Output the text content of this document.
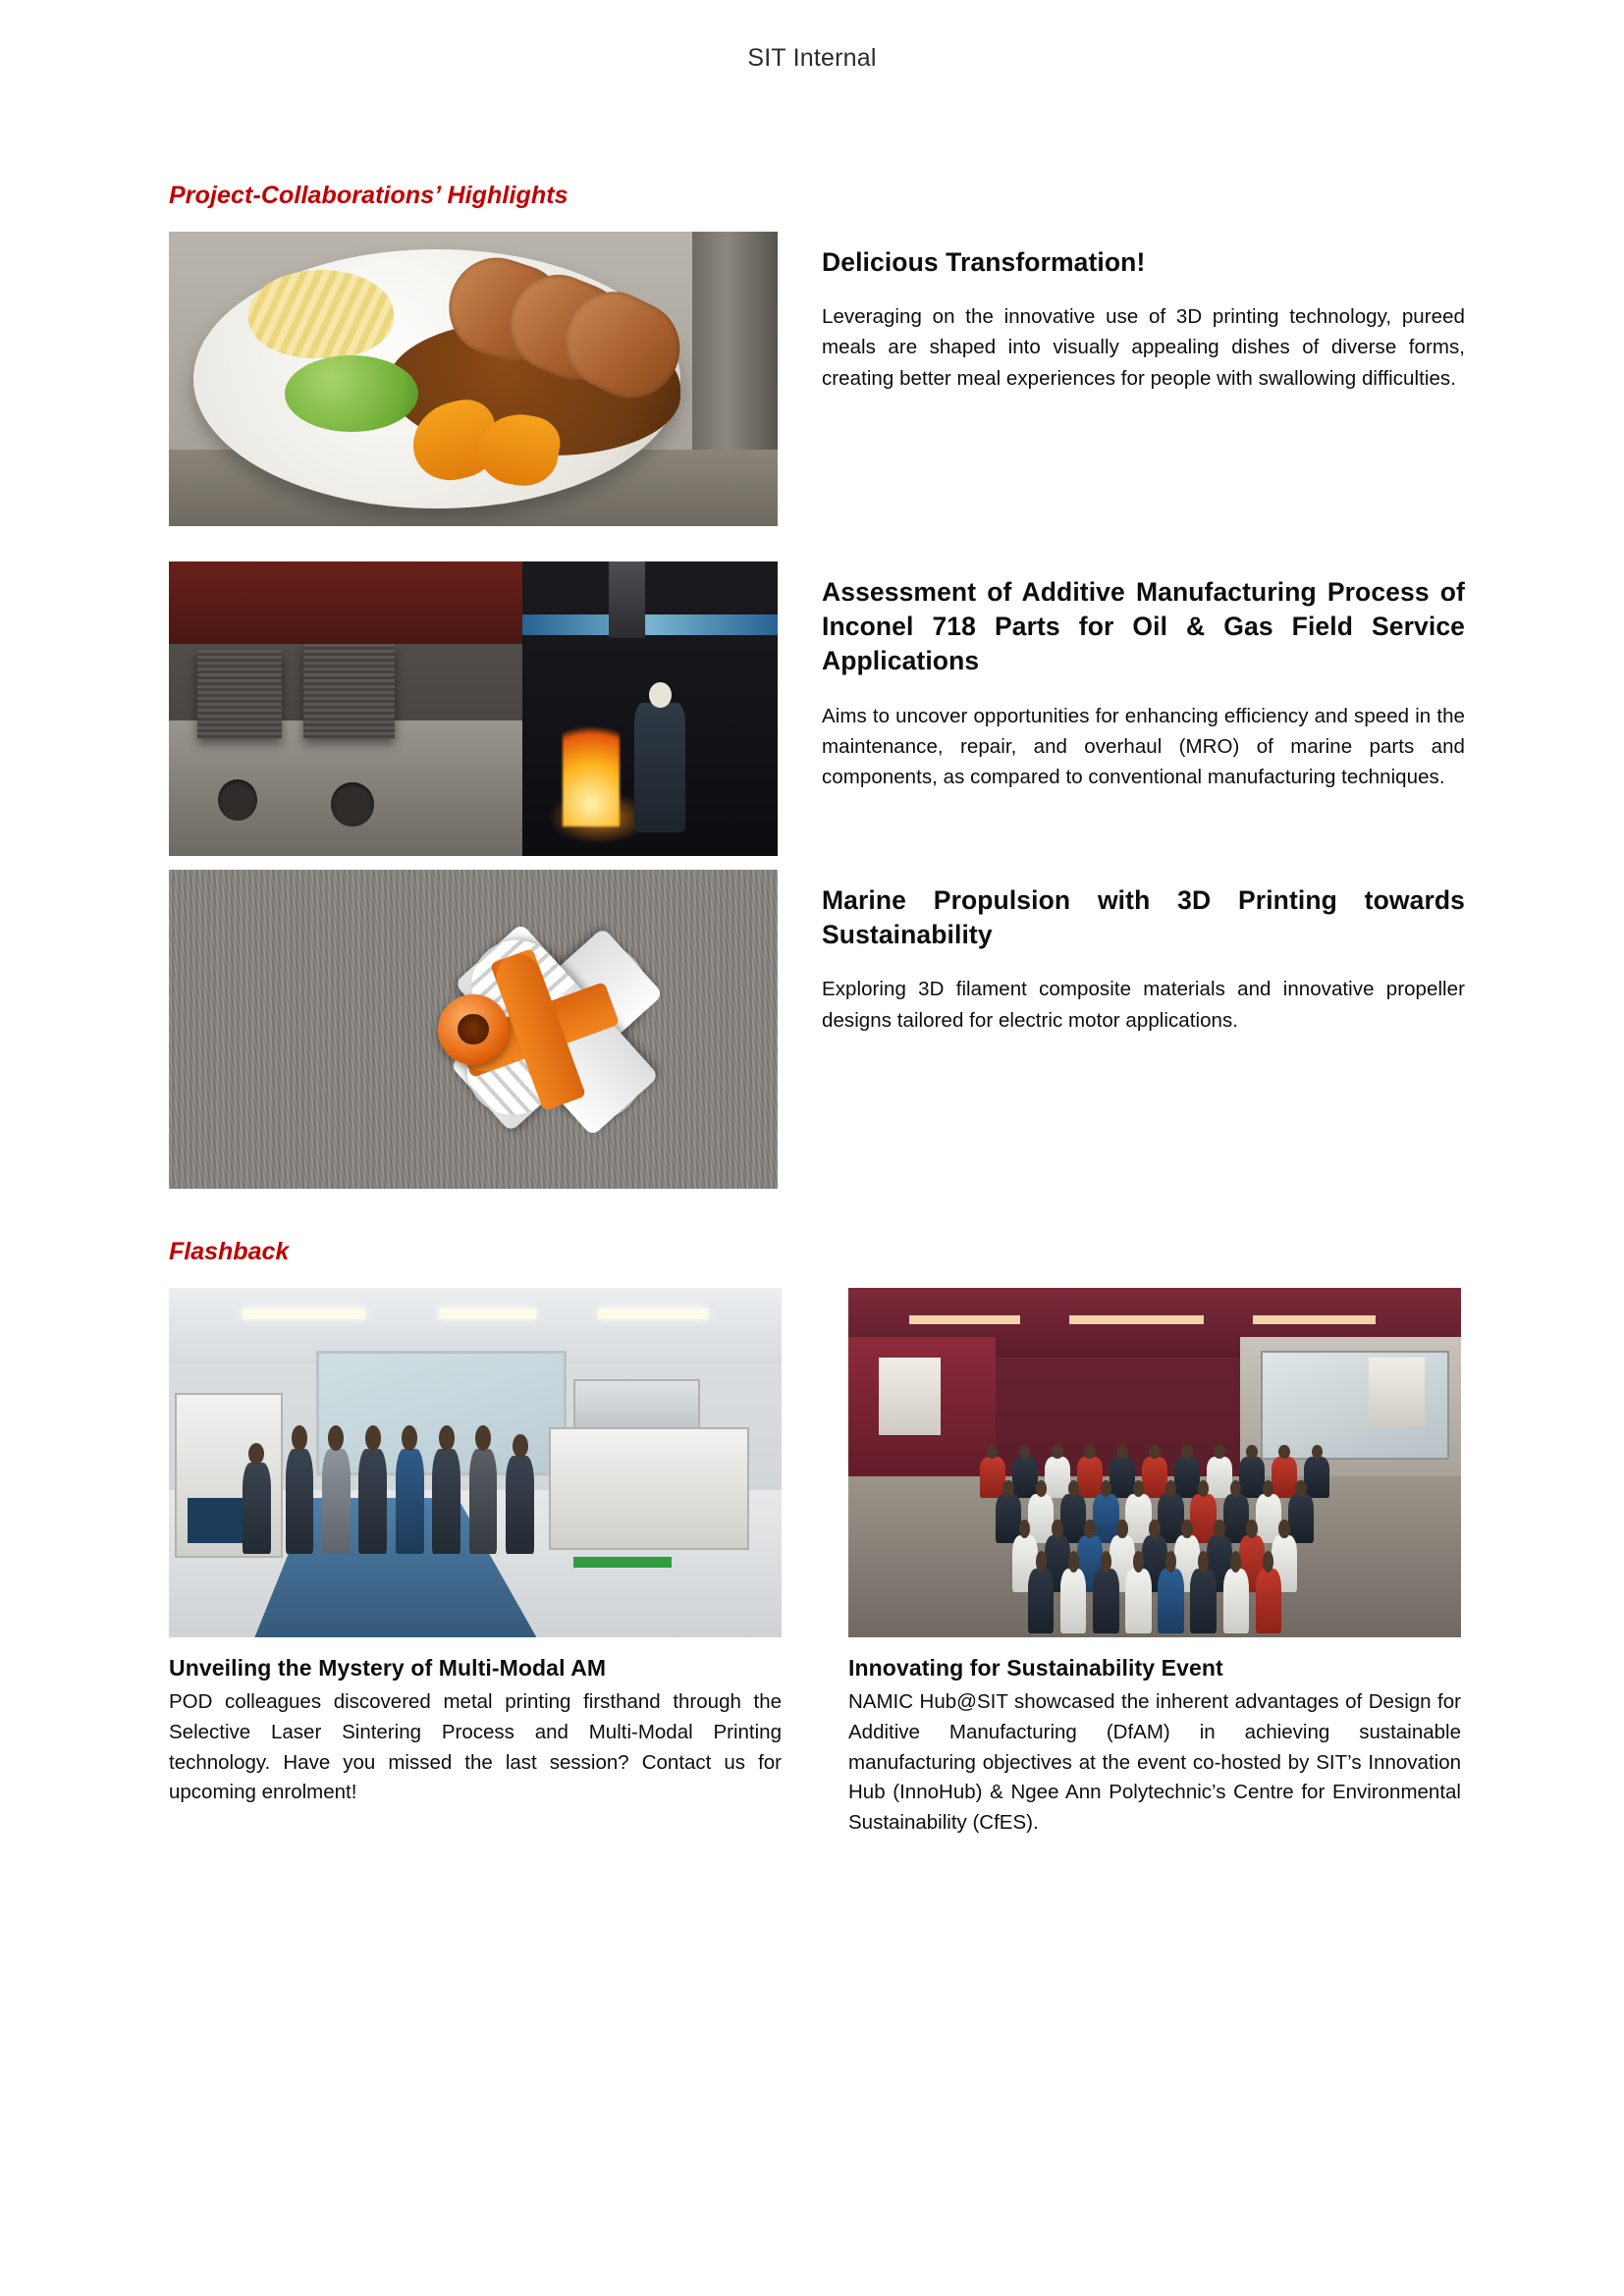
SIT Internal
Project-Collaborations’ Highlights
Delicious Transformation!
Leveraging on the innovative use of 3D printing technology, pureed meals are shaped into visually appealing dishes of diverse forms, creating better meal experiences for people with swallowing difficulties.
Assessment of Additive Manufacturing Process of Inconel 718 Parts for Oil & Gas Field Service Applications
Aims to uncover opportunities for enhancing efficiency and speed in the maintenance, repair, and overhaul (MRO) of marine parts and components, as compared to conventional manufacturing techniques.
Marine Propulsion with 3D Printing towards Sustainability
Exploring 3D filament composite materials and innovative propeller designs tailored for electric motor applications.
Flashback
Unveiling the Mystery of Multi-Modal AM
POD colleagues discovered metal printing firsthand through the Selective Laser Sintering Process and Multi-Modal Printing technology. Have you missed the last session? Contact us for upcoming enrolment!
Innovating for Sustainability Event
NAMIC Hub@SIT showcased the inherent advantages of Design for Additive Manufacturing (DfAM) in achieving sustainable manufacturing objectives at the event co-hosted by SIT’s Innovation Hub (InnoHub) & Ngee Ann Polytechnic’s Centre for Environmental Sustainability (CfES).
